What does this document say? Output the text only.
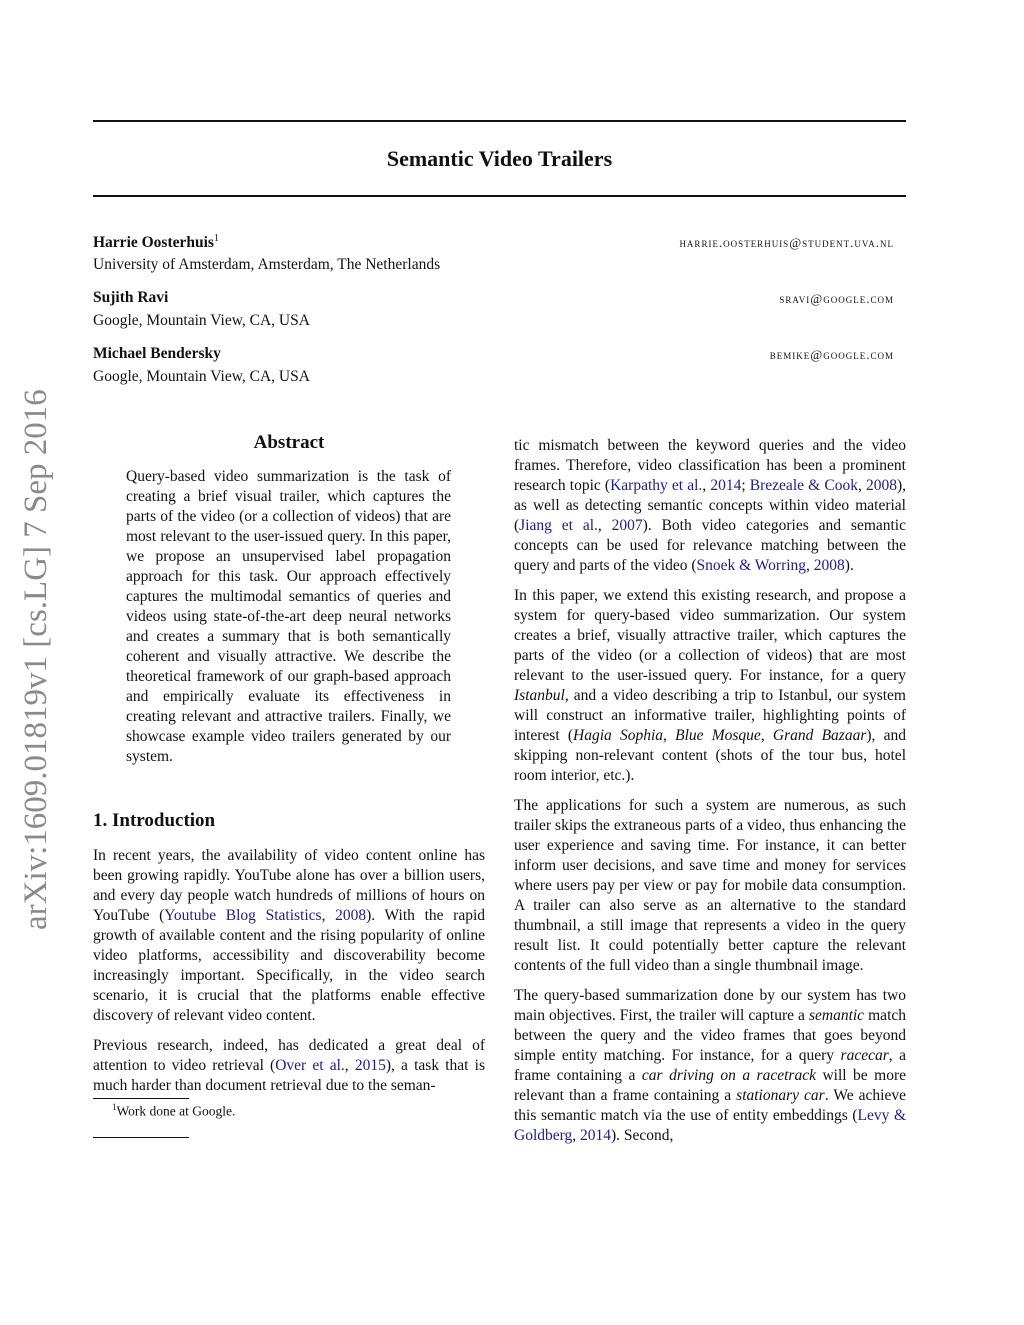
arXiv:1609.01819v1 [cs.LG] 7 Sep 2016
Semantic Video Trailers
Harrie Oosterhuis$^1$	harrie.oosterhuis@student.uva.nl
University of Amsterdam, Amsterdam, The Netherlands
Sujith Ravi	sravi@google.com
Google, Mountain View, CA, USA
Michael Bendersky	bemike@google.com
Google, Mountain View, CA, USA
Abstract
Query-based video summarization is the task of creating a brief visual trailer, which captures the parts of the video (or a collection of videos) that are most relevant to the user-issued query. In this paper, we propose an unsupervised label propagation approach for this task. Our approach effectively captures the multimodal semantics of queries and videos using state-of-the-art deep neural networks and creates a summary that is both semantically coherent and visually attractive. We describe the theoretical framework of our graph-based approach and empirically evaluate its effectiveness in creating relevant and attractive trailers. Finally, we showcase example video trailers generated by our system.
1. Introduction

In recent years, the availability of video content online has been growing rapidly. YouTube alone has over a billion users, and every day people watch hundreds of millions of hours on YouTube (Youtube Blog Statistics, 2008). With the rapid growth of available content and the rising popularity of online video platforms, accessibility and discoverability become increasingly important. Specifically, in the video search scenario, it is crucial that the platforms enable effective discovery of relevant video content.

Previous research, indeed, has dedicated a great deal of attention to video retrieval (Over et al., 2015), a task that is much harder than document retrieval due to the seman-

$^1$Work done at Google.

tic mismatch between the keyword queries and the video frames. Therefore, video classification has been a prominent research topic (Karpathy et al., 2014; Brezeale & Cook, 2008), as well as detecting semantic concepts within video material (Jiang et al., 2007). Both video categories and semantic concepts can be used for relevance matching between the query and parts of the video (Snoek & Worring, 2008).

In this paper, we extend this existing research, and propose a system for query-based video summarization. Our system creates a brief, visually attractive trailer, which captures the parts of the video (or a collection of videos) that are most relevant to the user-issued query. For instance, for a query Istanbul, and a video describing a trip to Istanbul, our system will construct an informative trailer, highlighting points of interest (Hagia Sophia, Blue Mosque, Grand Bazaar), and skipping non-relevant content (shots of the tour bus, hotel room interior, etc.).

The applications for such a system are numerous, as such trailer skips the extraneous parts of a video, thus enhancing the user experience and saving time. For instance, it can better inform user decisions, and save time and money for services where users pay per view or pay for mobile data consumption. A trailer can also serve as an alternative to the standard thumbnail, a still image that represents a video in the query result list. It could potentially better capture the relevant contents of the full video than a single thumbnail image.

The query-based summarization done by our system has two main objectives. First, the trailer will capture a semantic match between the query and the video frames that goes beyond simple entity matching. For instance, for a query racecar, a frame containing a car driving on a racetrack will be more relevant than a frame containing a stationary car. We achieve this semantic match via the use of entity embeddings (Levy & Goldberg, 2014). Second,
